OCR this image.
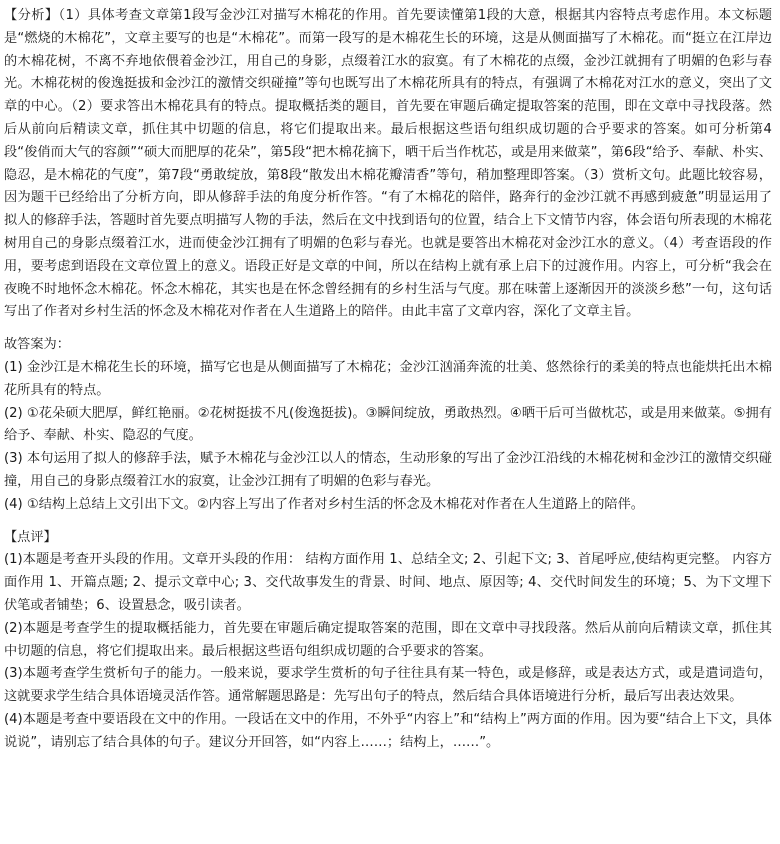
【分析】（1）具体考查文章第1段写金沙江对描写木棉花的作用。首先要读懂第1段的大意，根据其内容特点考虑作用。本文标题是“燃烧的木棉花”，文章主要写的也是“木棉花”。而第一段写的是木棉花生长的环境，这是从侧面描写了木棉花。而“挺立在江岸边的木棉花树，不离不弃地依偎着金沙江，用自己的身影，点缀着江水的寂寞。有了木棉花的点缀，金沙江就拥有了明媚的色彩与春光。木棉花树的俊逸挺拔和金沙江的激情交织碰撞”等句也既写出了木棉花所具有的特点，有强调了木棉花对江水的意义，突出了文章的中心。（2）要求答出木棉花具有的特点。提取概括类的题目，首先要在审题后确定提取答案的范围，即在文章中寻找段落。然后从前向后精读文章，抓住其中切题的信息，将它们提取出来。最后根据这些语句组织成切题的合乎要求的答案。如可分析第4段“俊俏而大气的容颜”“硕大而肥厚的花朵”，第5段“把木棉花摘下，晒干后当作枕芯，或是用来做菜”，第6段“给予、奉献、朴实、隐忍，是木棉花的气度”，第7段“勇敢绽放，第8段“散发出木棉花瓣清香”等句，稍加整理即答案。（3）赏析文句。此题比较容易，因为题干已经给出了分析方向，即从修辞手法的角度分析作答。“有了木棉花的陪伴，路奔行的金沙江就不再感到疲惫”明显运用了拟人的修辞手法，答题时首先要点明描写人物的手法，然后在文中找到语句的位置，结合上下文情节内容，体会语句所表现的木棉花树用自己的身影点缀着江水，进而使金沙江拥有了明媚的色彩与春光。也就是要答出木棉花对金沙江水的意义。（4）考查语段的作用，要考虑到语段在文章位置上的意义。语段正好是文章的中间，所以在结构上就有承上启下的过渡作用。内容上，可分析“我会在夜晚不时地怀念木棉花。怀念木棉花，其实也是在怀念曾经拥有的乡村生活与气度。那在味蕾上逐渐因开的淡淡乡愁”一句，这句话写出了作者对乡村生活的怀念及木棉花对作者在人生道路上的陪伴。由此丰富了文章内容，深化了文章主旨。

故答案为：

(1) 金沙江是木棉花生长的环境，描写它也是从侧面描写了木棉花；金沙江汹涌奔流的壮美、悠然徐行的柔美的特点也能烘托出木棉花所具有的特点。

(2) ①花朵硕大肥厚，鲜红艳丽。②花树挺拔不凡(俊逸挺拔)。③瞬间绽放，勇敢热烈。④晒干后可当做枕芯，或是用来做菜。⑤拥有给予、奉献、朴实、隐忍的气度。

(3) 本句运用了拟人的修辞手法，赋予木棉花与金沙江以人的情态，生动形象的写出了金沙江沿线的木棉花树和金沙江的激情交织碰撞，用自己的身影点缀着江水的寂寞，让金沙江拥有了明媚的色彩与春光。

(4) ①结构上总结上文引出下文。②内容上写出了作者对乡村生活的怀念及木棉花对作者在人生道路上的陪伴。

【点评】

(1)本题是考查开头段的作用。文章开头段的作用： 结构方面作用 1、总结全文; 2、引起下文; 3、首尾呼应,使结构更完整。 内容方面作用 1、开篇点题; 2、提示文章中心; 3、交代故事发生的背景、时间、地点、原因等; 4、交代时间发生的环境；5、为下文埋下伏笔或者铺垫；6、设置悬念，吸引读者。

(2)本题是考查学生的提取概括能力，首先要在审题后确定提取答案的范围，即在文章中寻找段落。然后从前向后精读文章，抓住其中切题的信息，将它们提取出来。最后根据这些语句组织成切题的合乎要求的答案。

(3)本题考查学生赏析句子的能力。一般来说，要求学生赏析的句子往往具有某一特色，或是修辞，或是表达方式，或是遣词造句，这就要求学生结合具体语境灵活作答。通常解题思路是：先写出句子的特点，然后结合具体语境进行分析，最后写出表达效果。

(4)本题是考查中要语段在文中的作用。一段话在文中的作用，不外乎“内容上”和“结构上”两方面的作用。因为要“结合上下文，具体说说”，请别忘了结合具体的句子。建议分开回答，如“内容上……；结构上，……”。
